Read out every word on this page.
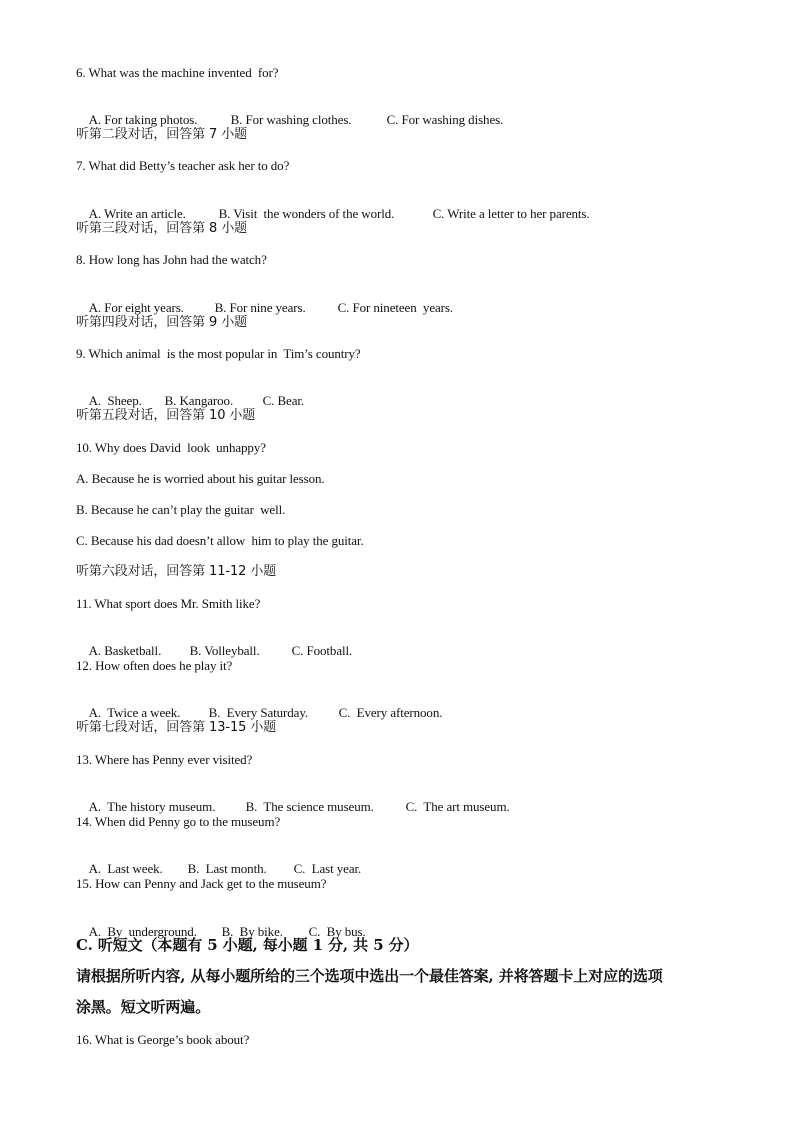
6. What was the machine invented  for?

A. For taking photos.	B. For washing clothes.	C. For washing dishes.

听第二段对话，回答第 7 小题
7. What did Betty’s teacher ask her to do?

A. Write an article.	B. Visit  the wonders of the world.	C. Write a letter to her parents.

听第三段对话，回答第 8 小题
8. How long has John had the watch?

A. For eight years. B. For nine years. C. For nineteen  years.

听第四段对话，回答第 9 小题
9. Which animal  is the most popular in  Tim’s country?

A.  Sheep. B. Kangaroo. C. Bear.

听第五段对话，回答第 10 小题
10. Why does David  look  unhappy?
A. Because he is worried about his guitar lesson.
B. Because he can’t play the guitar  well.
C. Because his dad doesn’t allow  him to play the guitar.
听第六段对话，回答第 11-12 小题
11. What sport does Mr. Smith like?

A. Basketball. B. Volleyball. C. Football.

12. How often does he play it?

A.  Twice a week. B.  Every Saturday. C.  Every afternoon.

听第七段对话，回答第 13-15 小题
13. Where has Penny ever visited?

A.  The history museum. B.  The science museum. C.  The art museum.

14. When did Penny go to the museum?

A.  Last week. B.  Last month. C.  Last year.

15. How can Penny and Jack get to the museum?

A.  By  underground. B.  By bike. C.  By bus.

C. 听短文（本题有 5 小题, 每小题 1 分, 共 5 分）
请根据所听内容, 从每小题所给的三个选项中选出一个最佳答案, 并将答题卡上对应的选项
涂黑。短文听两遍。
16. What is George’s book about?
